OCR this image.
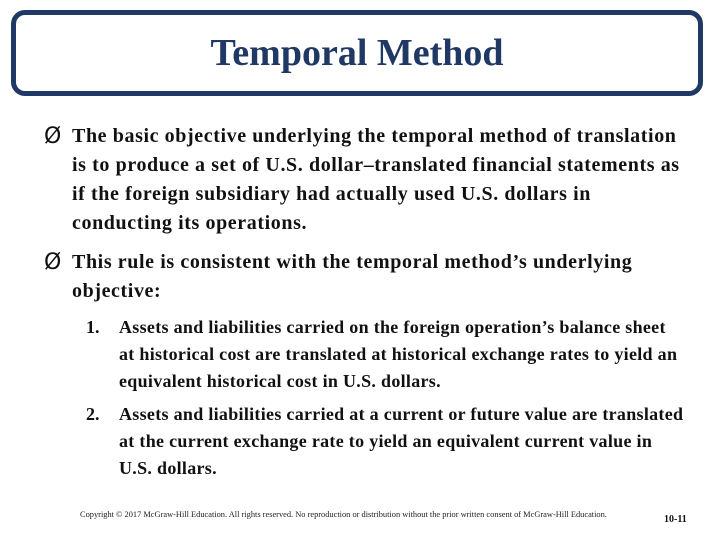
Temporal Method
Ø The basic objective underlying the temporal method of translation is to produce a set of U.S. dollar–translated financial statements as if the foreign subsidiary had actually used U.S. dollars in conducting its operations.
Ø This rule is consistent with the temporal method’s underlying objective:
1.	Assets and liabilities carried on the foreign operation’s balance sheet at historical cost are translated at historical exchange rates to yield an equivalent historical cost in U.S. dollars.
2.	Assets and liabilities carried at a current or future value are translated at the current exchange rate to yield an equivalent current value in U.S. dollars.
Copyright © 2017 McGraw-Hill Education. All rights reserved. No reproduction or distribution without the prior written consent of McGraw-Hill Education.	10-11
